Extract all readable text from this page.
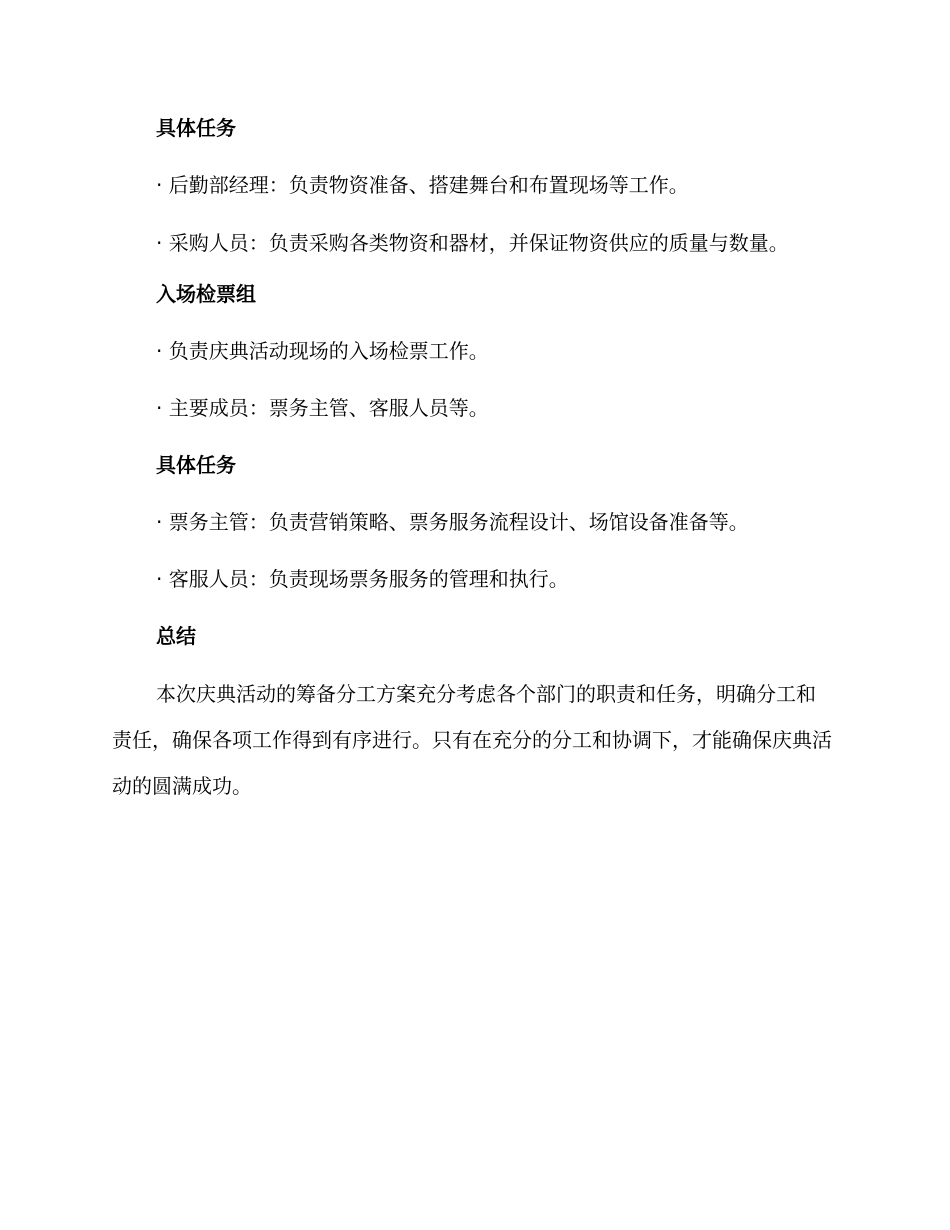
具体任务

· 后勤部经理：负责物资准备、搭建舞台和布置现场等工作。

· 采购人员：负责采购各类物资和器材，并保证物资供应的质量与数量。

入场检票组

· 负责庆典活动现场的入场检票工作。

· 主要成员：票务主管、客服人员等。

具体任务

· 票务主管：负责营销策略、票务服务流程设计、场馆设备准备等。

· 客服人员：负责现场票务服务的管理和执行。

总结

本次庆典活动的筹备分工方案充分考虑各个部门的职责和任务，明确分工和责任，确保各项工作得到有序进行。只有在充分的分工和协调下，才能确保庆典活动的圆满成功。
